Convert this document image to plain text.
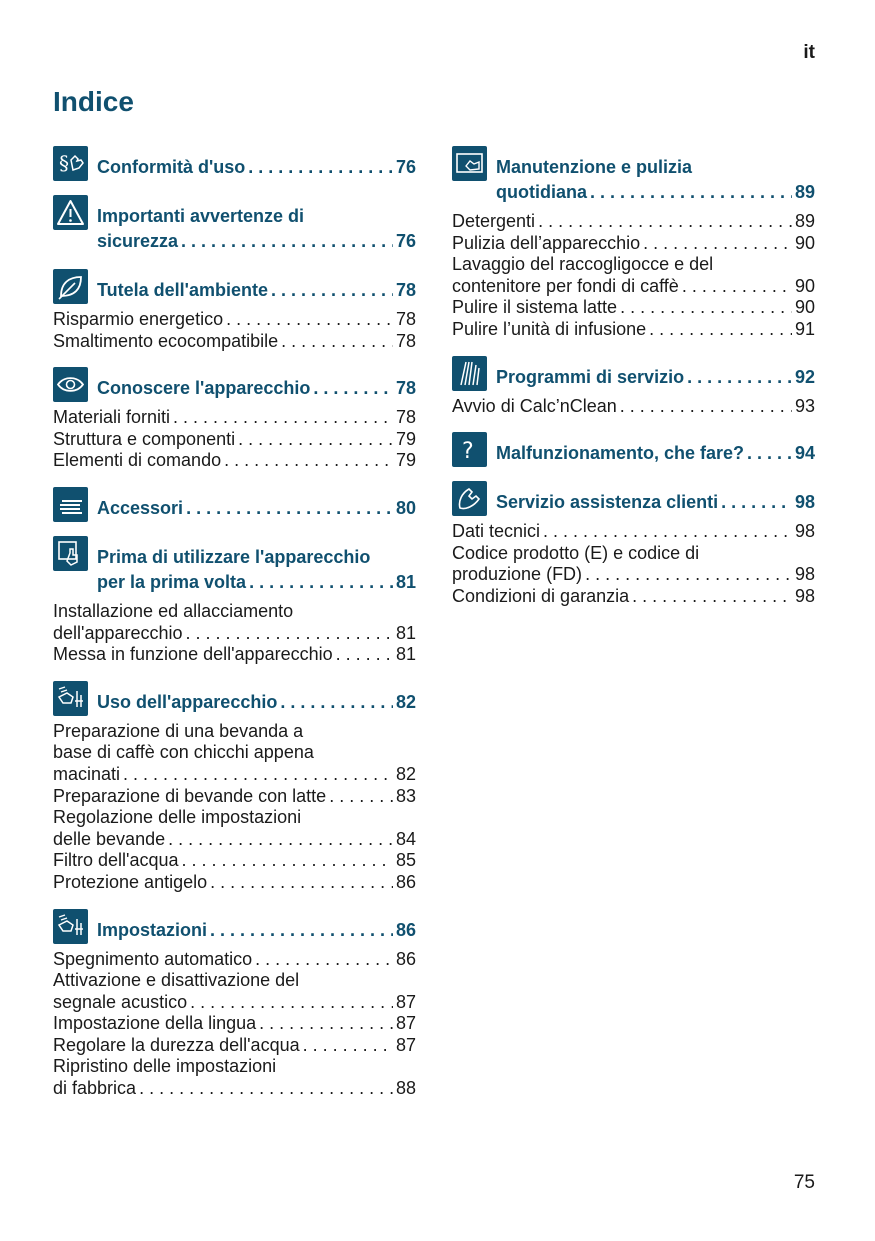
it
Indice
§ Conformità d'uso . . .	76
Importanti avvertenze di
sicurezza . . .	76
Tutela dell'ambiente . . .	78
Risparmio energetico . . .	78
Smaltimento ecocompatibile . . .	78
Conoscere l'apparecchio . . .	78
Materiali forniti . . .	78
Struttura e componenti . . .	79
Elementi di comando . . .	79
Accessori . . .	80
Prima di utilizzare l'apparecchio
per la prima volta . . .	81
Installazione ed allacciamento
dell'apparecchio . . .	81
Messa in funzione dell'apparecchio . . .	81
Uso dell'apparecchio . . .	82
Preparazione di una bevanda a
base di caffè con chicchi appena
macinati . . .	82
Preparazione di bevande con latte . . .	83
Regolazione delle impostazioni
delle bevande . . .	84
Filtro dell'acqua . . .	85
Protezione antigelo . . .	86
Impostazioni . . .	86
Spegnimento automatico . . .	86
Attivazione e disattivazione del
segnale acustico . . .	87
Impostazione della lingua . . .	87
Regolare la durezza dell'acqua . . .	87
Ripristino delle impostazioni
di fabbrica . . .	88
Manutenzione e pulizia
quotidiana . . .	89
Detergenti . . .	89
Pulizia dell’apparecchio . . .	90
Lavaggio del raccogligocce e del
contenitore per fondi di caffè . . .	90
Pulire il sistema latte . . .	90
Pulire l’unità di infusione . . .	91
Programmi di servizio . . .	92
Avvio di Calc’nClean . . .	93
? Malfunzionamento, che fare? . . .	94
Servizio assistenza clienti . . .	98
Dati tecnici . . .	98
Codice prodotto (E) e codice di
produzione (FD) . . .	98
Condizioni di garanzia . . .	98
75
